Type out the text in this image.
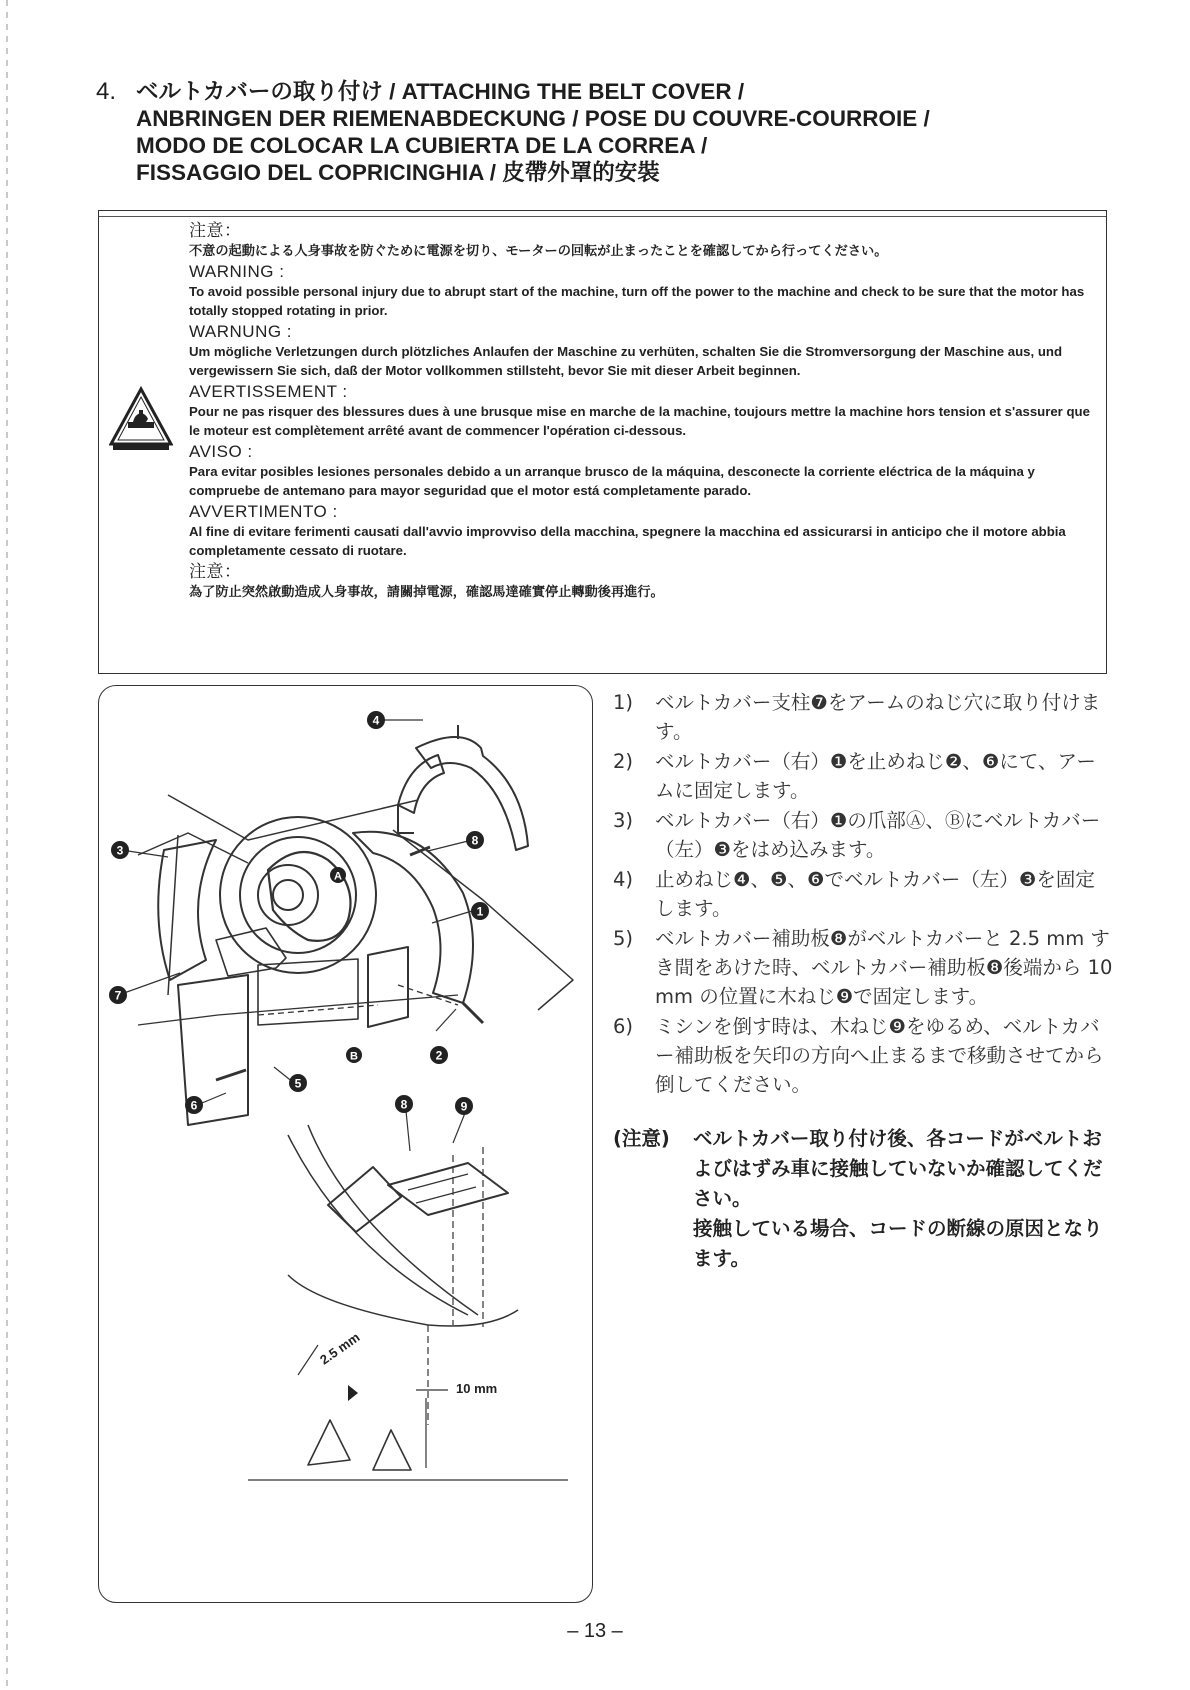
4. ベルトカバーの取り付け / ATTACHING THE BELT COVER /
ANBRINGEN DER RIEMENABDECKUNG / POSE DU COUVRE-COURROIE /
MODO DE COLOCAR LA CUBIERTA DE LA CORREA /
FISSAGGIO DEL COPRICINGHIA / 皮帶外罩的安裝
注意：
不意の起動による人身事故を防ぐために電源を切り、モーターの回転が止まったことを確認してから行ってください。
WARNING :
To avoid possible personal injury due to abrupt start of the machine, turn off the power to the machine and check to be sure that the motor has totally stopped rotating in prior.
WARNUNG :
Um mögliche Verletzungen durch plötzliches Anlaufen der Maschine zu verhüten, schalten Sie die Stromversorgung der Maschine aus, und vergewissern Sie sich, daß der Motor vollkommen stillsteht, bevor Sie mit dieser Arbeit beginnen.
AVERTISSEMENT :
Pour ne pas risquer des blessures dues à une brusque mise en marche de la machine, toujours mettre la machine hors tension et s'assurer que le moteur est complètement arrêté avant de commencer l'opération ci-dessous.
AVISO :
Para evitar posibles lesiones personales debido a un arranque brusco de la máquina, desconecte la corriente eléctrica de la máquina y compruebe de antemano para mayor seguridad que el motor está completamente parado.
AVVERTIMENTO :
Al fine di evitare ferimenti causati dall'avvio improvviso della macchina, spegnere la macchina ed assicurarsi in anticipo che il motore abbia completamente cessato di ruotare.
注意：
為了防止突然啟動造成人身事故，請關掉電源，確認馬達確實停止轉動後再進行。
4
8
1
3
7
A
B	2
5
6	8	9
2.5 mm
10 mm
1)	ベルトカバー支柱❼をアームのねじ穴に取り付けます。
2)	ベルトカバー（右）❶を止めねじ❷、❻にて、アームに固定します。
3)	ベルトカバー（右）❶の爪部Ⓐ、Ⓑにベルトカバー（左）❸をはめ込みます。
4)	止めねじ❹、❺、❻でベルトカバー（左）❸を固定します。
5)	ベルトカバー補助板❽がベルトカバーと 2.5 mm すき間をあけた時、ベルトカバー補助板❽後端から 10 mm の位置に木ねじ❾で固定します。
6)	ミシンを倒す時は、木ねじ❾をゆるめ、ベルトカバー補助板を矢印の方向へ止まるまで移動させてから倒してください。
(注意) ベルトカバー取り付け後、各コードがベルトおよびはずみ車に接触していないか確認してください。

接触している場合、コードの断線の原因となります。

– 13 –
